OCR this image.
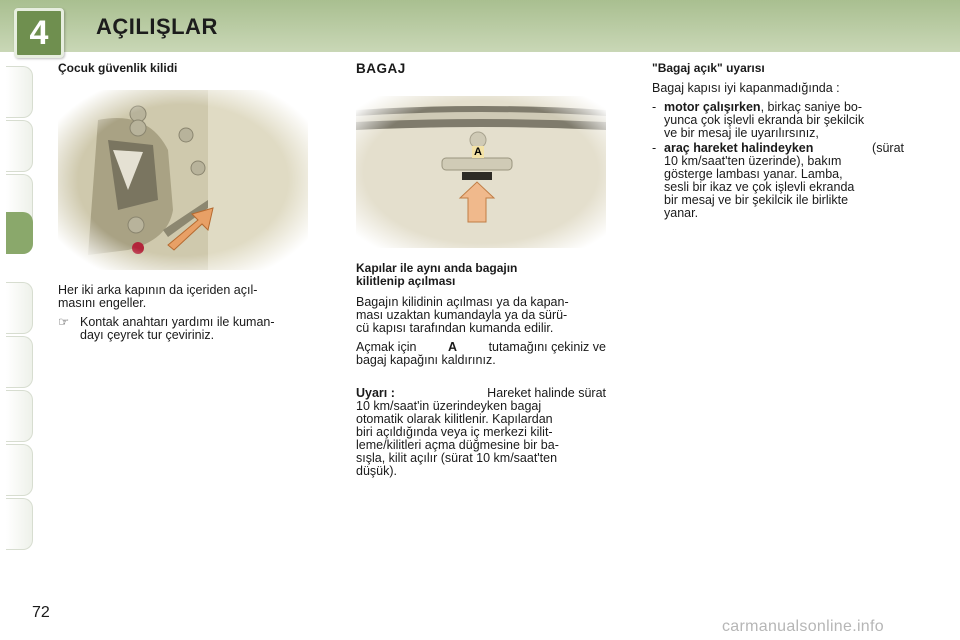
4	AÇILIŞLAR
Çocuk güvenlik kilidi

Her iki arka kapının da içeriden açıl-
masını engeller.

☞ Kontak anahtarı yardımı ile kuman-
dayı çeyrek tur çeviriniz.
BAGAJ
A

Kapılar ile aynı anda bagajın
kilitlenip açılması

Bagajın kilidinin açılması ya da kapan-
ması uzaktan kumandayla ya da sürü-
cü kapısı tarafından kumanda edilir.

Açmak için	A	tutamağını çekiniz ve
bagaj kapağını kaldırınız.

Uyarı :	Hareket halinde sürat
10 km/saat'in üzerindeyken bagaj
otomatik olarak kilitlenir. Kapılardan
biri açıldığında veya iç merkezi kilit-
leme/kilitleri açma düğmesine bir ba-
sışla, kilit açılır (sürat 10 km/saat'ten
düşük).

"Bagaj açık" uyarısı

Bagaj kapısı iyi kapanmadığında :

- motor çalışırken, birkaç saniye bo-
yunca çok işlevli ekranda bir şekilcik
ve bir mesaj ile uyarılırsınız,
- araç hareket halindeyken	(sürat
10 km/saat'ten üzerinde), bakım
gösterge lambası yanar. Lamba,
sesli bir ikaz ve çok işlevli ekranda
bir mesaj ve bir şekilcik ile birlikte
yanar.
72
carmanualsonline.info
